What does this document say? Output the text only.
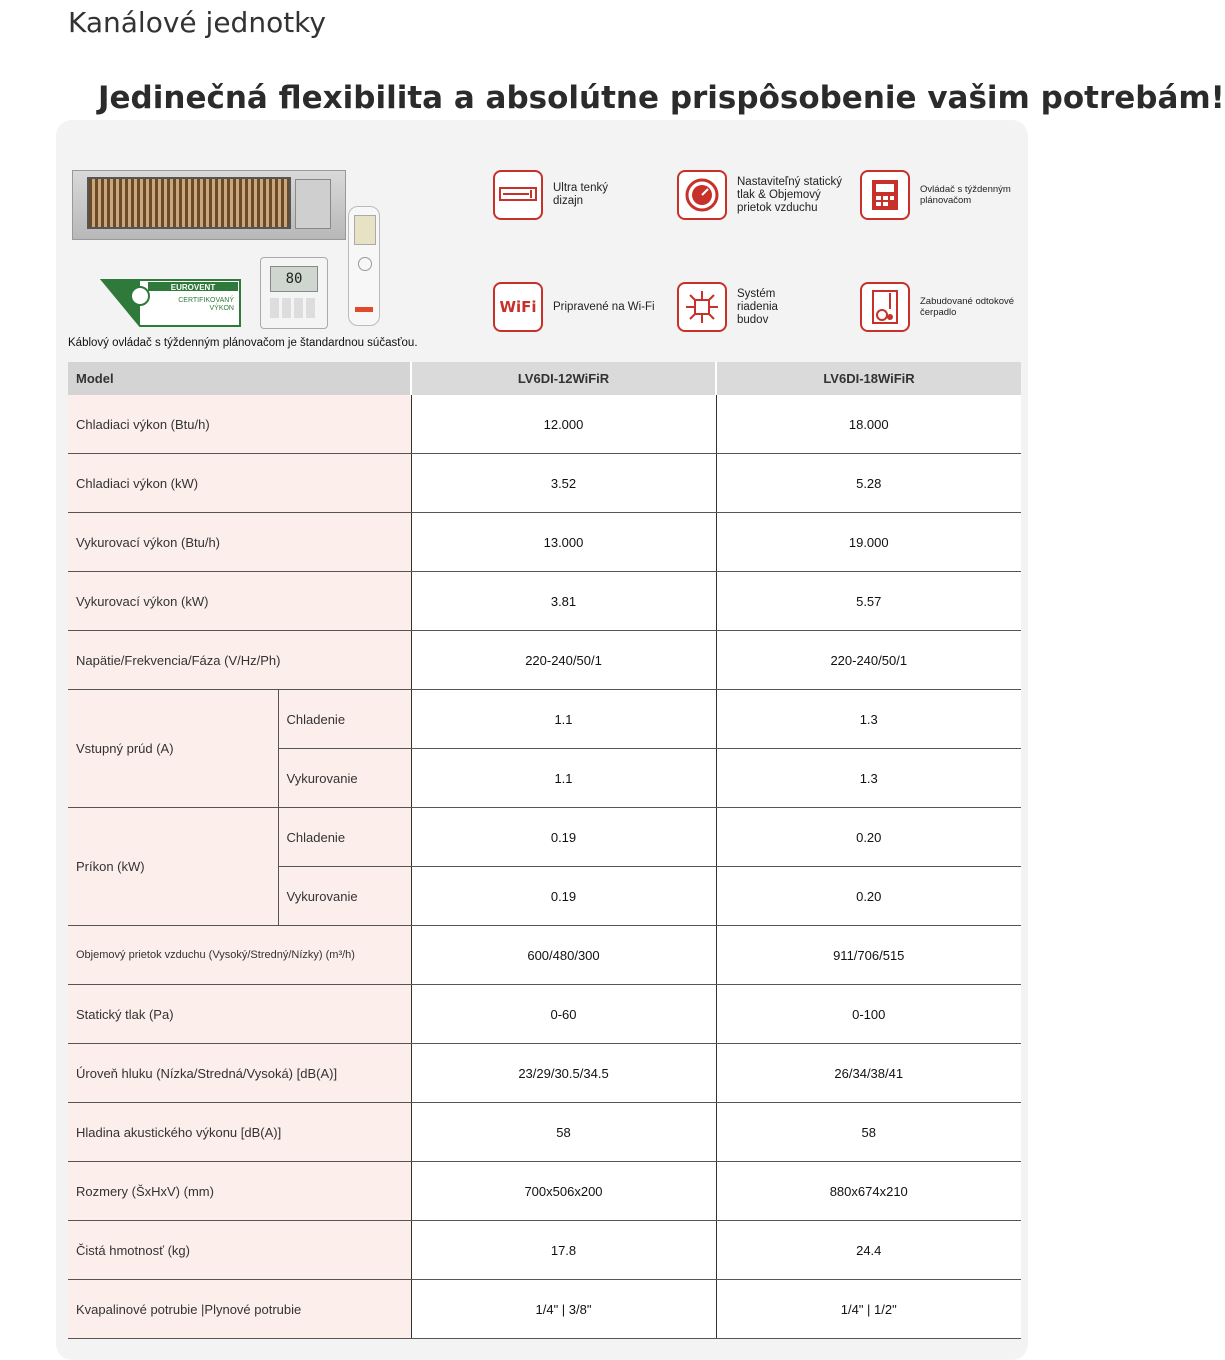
Kanálové jednotky
Jedinečná flexibilita a absolútne prispôsobenie vašim potrebám!
80
EUROVENT
CERTIFIKOVANÝ
VÝKON
Káblový ovládač s týždenným plánovačom je štandardnou súčasťou.
Ultra tenký
dizajn
Nastaviteľný statický
tlak & Objemový
prietok vzduchu
Ovládač s týždenným
plánovačom
WiFi Pripravené na Wi-Fi
Systém
riadenia
budov
Zabudované odtokové
čerpadlo
Model		LV6DI-12WiFiR	LV6DI-18WiFiR
Chladiaci výkon (Btu/h)		12.000	18.000
Chladiaci výkon (kW)		3.52	5.28
Vykurovací výkon (Btu/h)		13.000	19.000
Vykurovací výkon (kW)		3.81	5.57
Napätie/Frekvencia/Fáza (V/Hz/Ph)		220-240/50/1	220-240/50/1
Vstupný prúd (A)	Chladenie	1.1	1.3
	Vykurovanie	1.1	1.3
Príkon (kW)	Chladenie	0.19	0.20
	Vykurovanie	0.19	0.20
Objemový prietok vzduchu (Vysoký/Stredný/Nízky) (m³/h)		600/480/300	911/706/515
Statický tlak (Pa)		0-60	0-100
Úroveň hluku (Nízka/Stredná/Vysoká) [dB(A)]		23/29/30.5/34.5	26/34/38/41
Hladina akustického výkonu [dB(A)]		58	58
Rozmery (ŠxHxV) (mm)		700x506x200	880x674x210
Čistá hmotnosť (kg)		17.8	24.4
Kvapalinové potrubie |Plynové potrubie		1/4" | 3/8"	1/4" | 1/2"
